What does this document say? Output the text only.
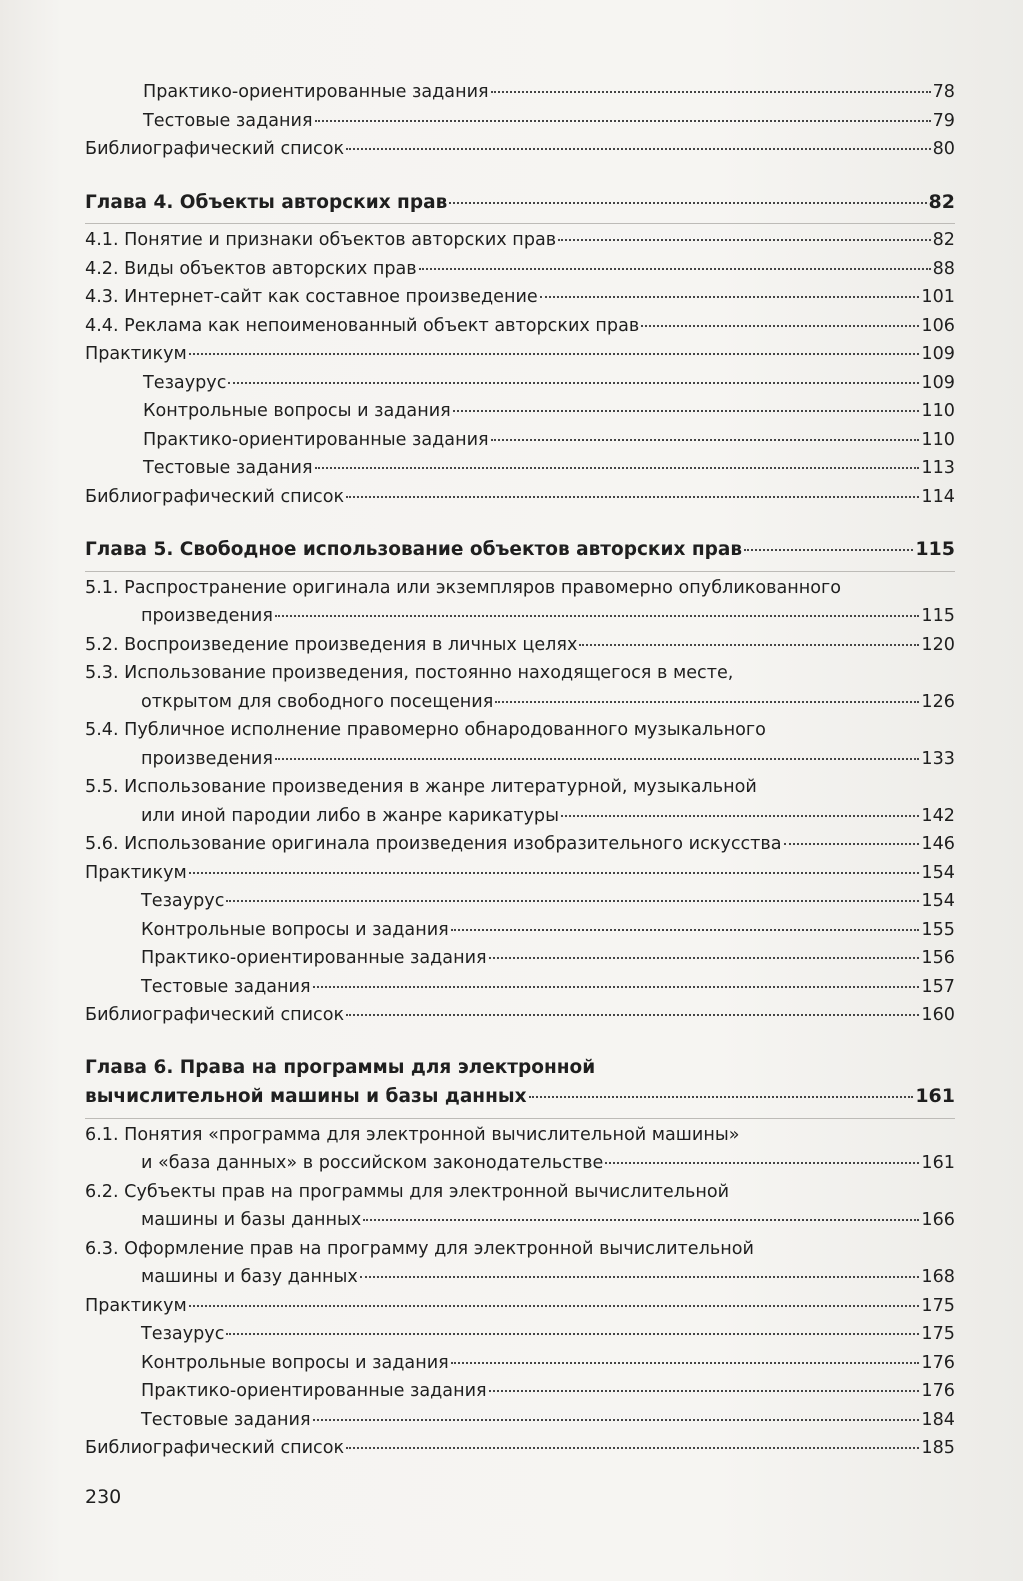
Практико-ориентированные задания	78
Тестовые задания	79
Библиографический список	80
Глава 4. Объекты авторских прав	82
4.1. Понятие и признаки объектов авторских прав	82
4.2. Виды объектов авторских прав	88
4.3. Интернет-сайт как составное произведение	101
4.4. Реклама как непоименованный объект авторских прав	106
Практикум	109
Тезаурус	109
Контрольные вопросы и задания	110
Практико-ориентированные задания	110
Тестовые задания	113
Библиографический список	114
Глава 5. Свободное использование объектов авторских прав	115
5.1. Распространение оригинала или экземпляров правомерно опубликованного
произведения	115
5.2. Воспроизведение произведения в личных целях	120
5.3. Использование произведения, постоянно находящегося в месте,
открытом для свободного посещения	126
5.4. Публичное исполнение правомерно обнародованного музыкального
произведения	133
5.5. Использование произведения в жанре литературной, музыкальной
или иной пародии либо в жанре карикатуры	142
5.6. Использование оригинала произведения изобразительного искусства	146
Практикум	154
Тезаурус	154
Контрольные вопросы и задания	155
Практико-ориентированные задания	156
Тестовые задания	157
Библиографический список	160
Глава 6. Права на программы для электронной
вычислительной машины и базы данных	161
6.1. Понятия «программа для электронной вычислительной машины»
и «база данных» в российском законодательстве	161
6.2. Субъекты прав на программы для электронной вычислительной
машины и базы данных	166
6.3. Оформление прав на программу для электронной вычислительной
машины и базу данных	168
Практикум	175
Тезаурус	175
Контрольные вопросы и задания	176
Практико-ориентированные задания	176
Тестовые задания	184
Библиографический список	185
230
